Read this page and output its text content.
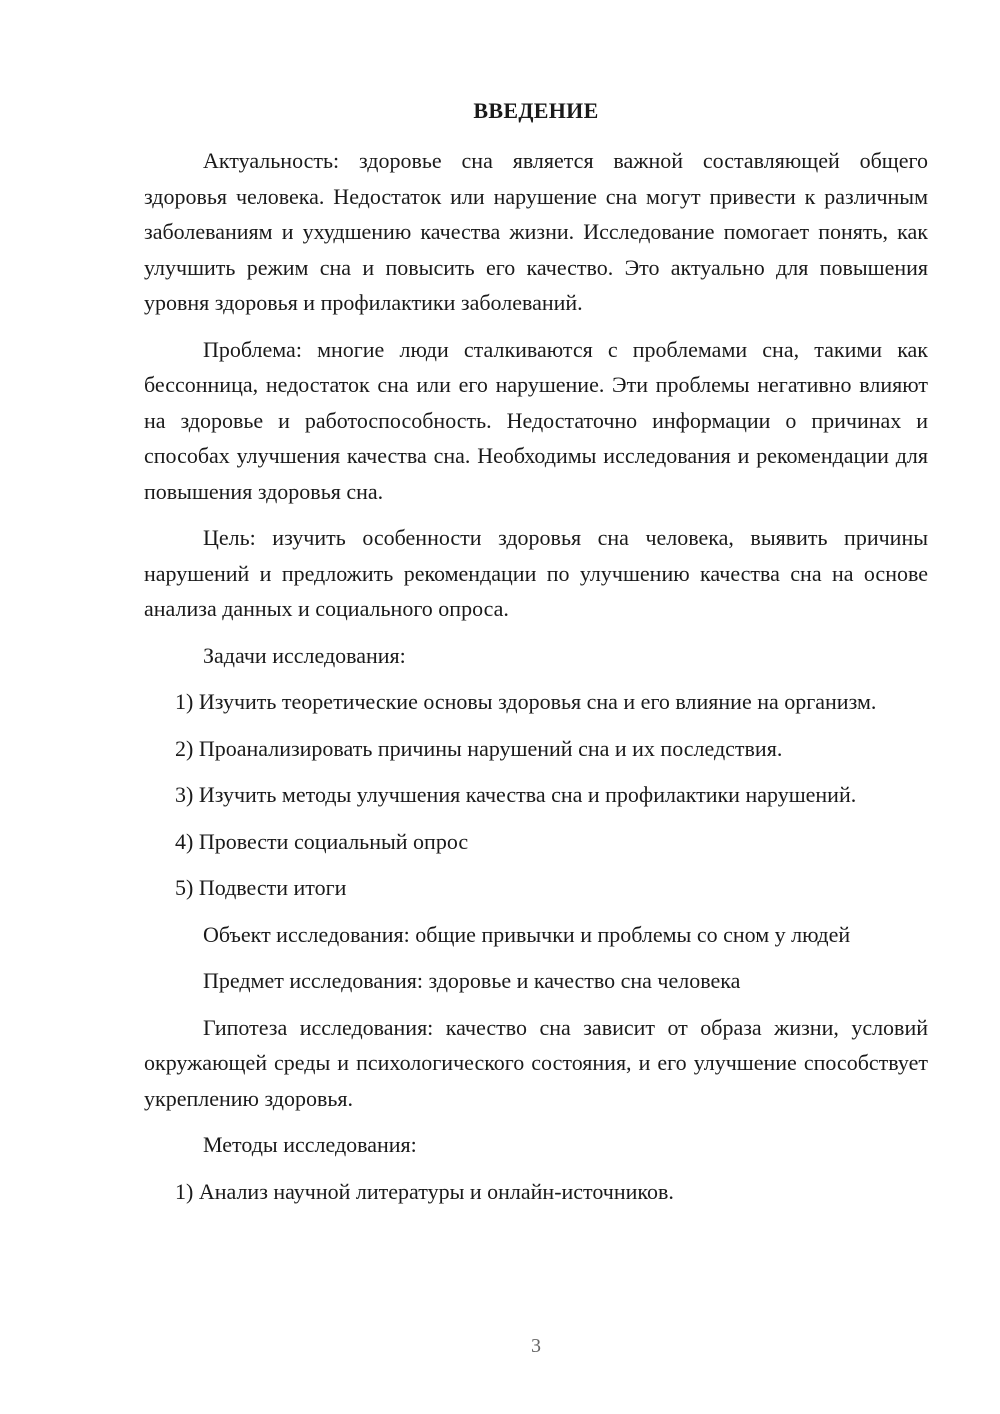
ВВЕДЕНИЕ

Актуальность: здоровье сна является важной составляющей общего здоровья человека. Недостаток или нарушение сна могут привести к различным заболеваниям и ухудшению качества жизни. Исследование помогает понять, как улучшить режим сна и повысить его качество. Это актуально для повышения уровня здоровья и профилактики заболеваний.

Проблема: многие люди сталкиваются с проблемами сна, такими как бессонница, недостаток сна или его нарушение. Эти проблемы негативно влияют на здоровье и работоспособность. Недостаточно информации о причинах и способах улучшения качества сна. Необходимы исследования и рекомендации для повышения здоровья сна.

Цель: изучить особенности здоровья сна человека, выявить причины нарушений и предложить рекомендации по улучшению качества сна на основе анализа данных и социального опроса.

Задачи исследования:

1) Изучить теоретические основы здоровья сна и его влияние на организм.

2) Проанализировать причины нарушений сна и их последствия.

3) Изучить методы улучшения качества сна и профилактики нарушений.

4) Провести социальный опрос

5) Подвести итоги

Объект исследования: общие привычки и проблемы со сном у людей

Предмет исследования: здоровье и качество сна человека

Гипотеза исследования: качество сна зависит от образа жизни, условий окружающей среды и психологического состояния, и его улучшение способствует укреплению здоровья.

Методы исследования:

1) Анализ научной литературы и онлайн-источников.

3
